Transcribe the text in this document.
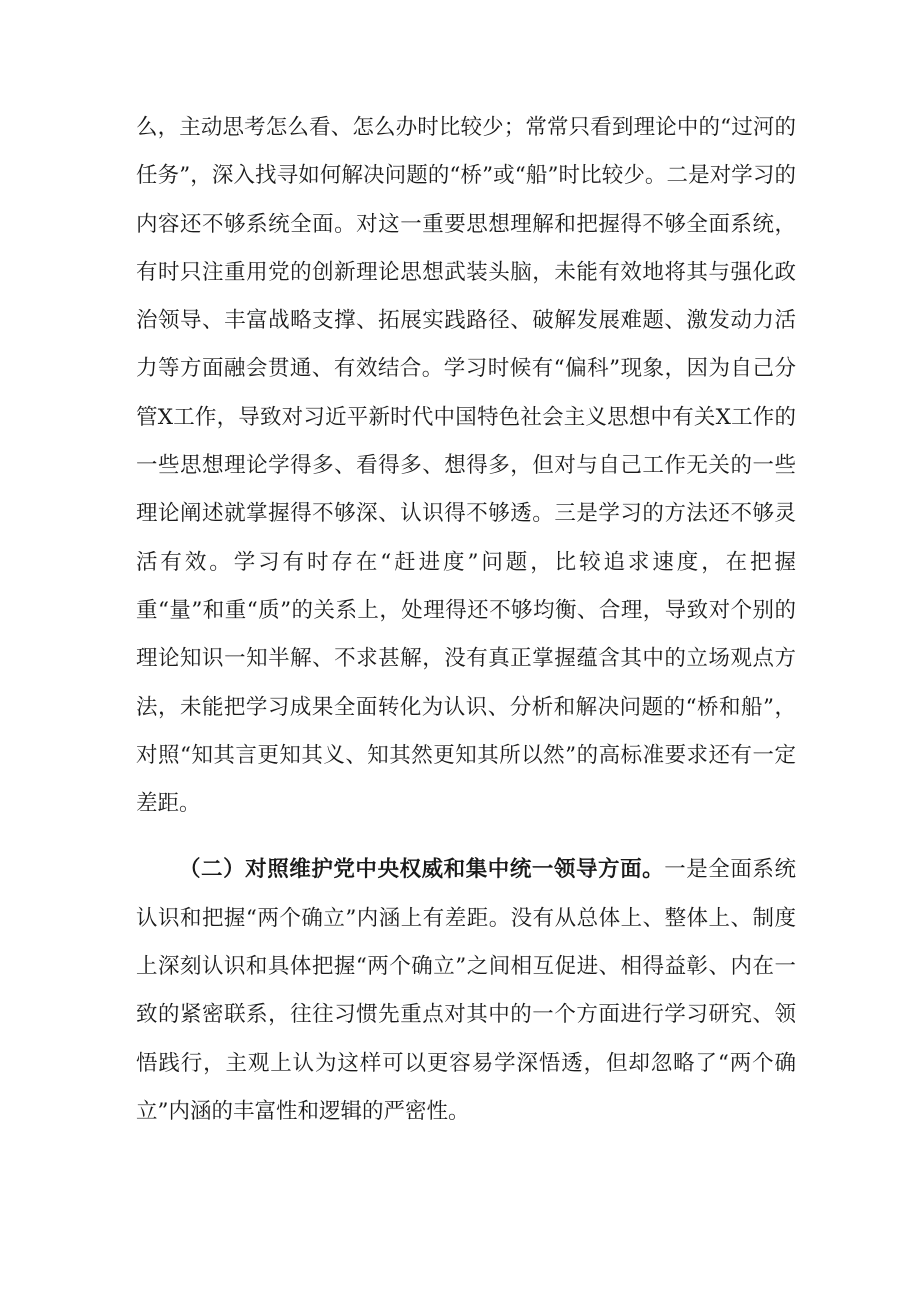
么，主动思考怎么看、怎么办时比较少；常常只看到理论中的“过河的任务”，深入找寻如何解决问题的“桥”或“船”时比较少。二是对学习的内容还不够系统全面。对这一重要思想理解和把握得不够全面系统，有时只注重用党的创新理论思想武装头脑，未能有效地将其与强化政治领导、丰富战略支撑、拓展实践路径、破解发展难题、激发动力活力等方面融会贯通、有效结合。学习时候有“偏科”现象，因为自己分管X工作，导致对习近平新时代中国特色社会主义思想中有关X工作的一些思想理论学得多、看得多、想得多，但对与自己工作无关的一些理论阐述就掌握得不够深、认识得不够透。三是学习的方法还不够灵活有效。学习有时存在“赶进度”问题，比较追求速度，在把握重“量”和重“质”的关系上，处理得还不够均衡、合理，导致对个别的理论知识一知半解、不求甚解，没有真正掌握蕴含其中的立场观点方法，未能把学习成果全面转化为认识、分析和解决问题的“桥和船”，对照“知其言更知其义、知其然更知其所以然”的高标准要求还有一定差距。

（二）对照维护党中央权威和集中统一领导方面。一是全面系统认识和把握“两个确立”内涵上有差距。没有从总体上、整体上、制度上深刻认识和具体把握“两个确立”之间相互促进、相得益彰、内在一致的紧密联系，往往习惯先重点对其中的一个方面进行学习研究、领悟践行，主观上认为这样可以更容易学深悟透，但却忽略了“两个确立”内涵的丰富性和逻辑的严密性。
